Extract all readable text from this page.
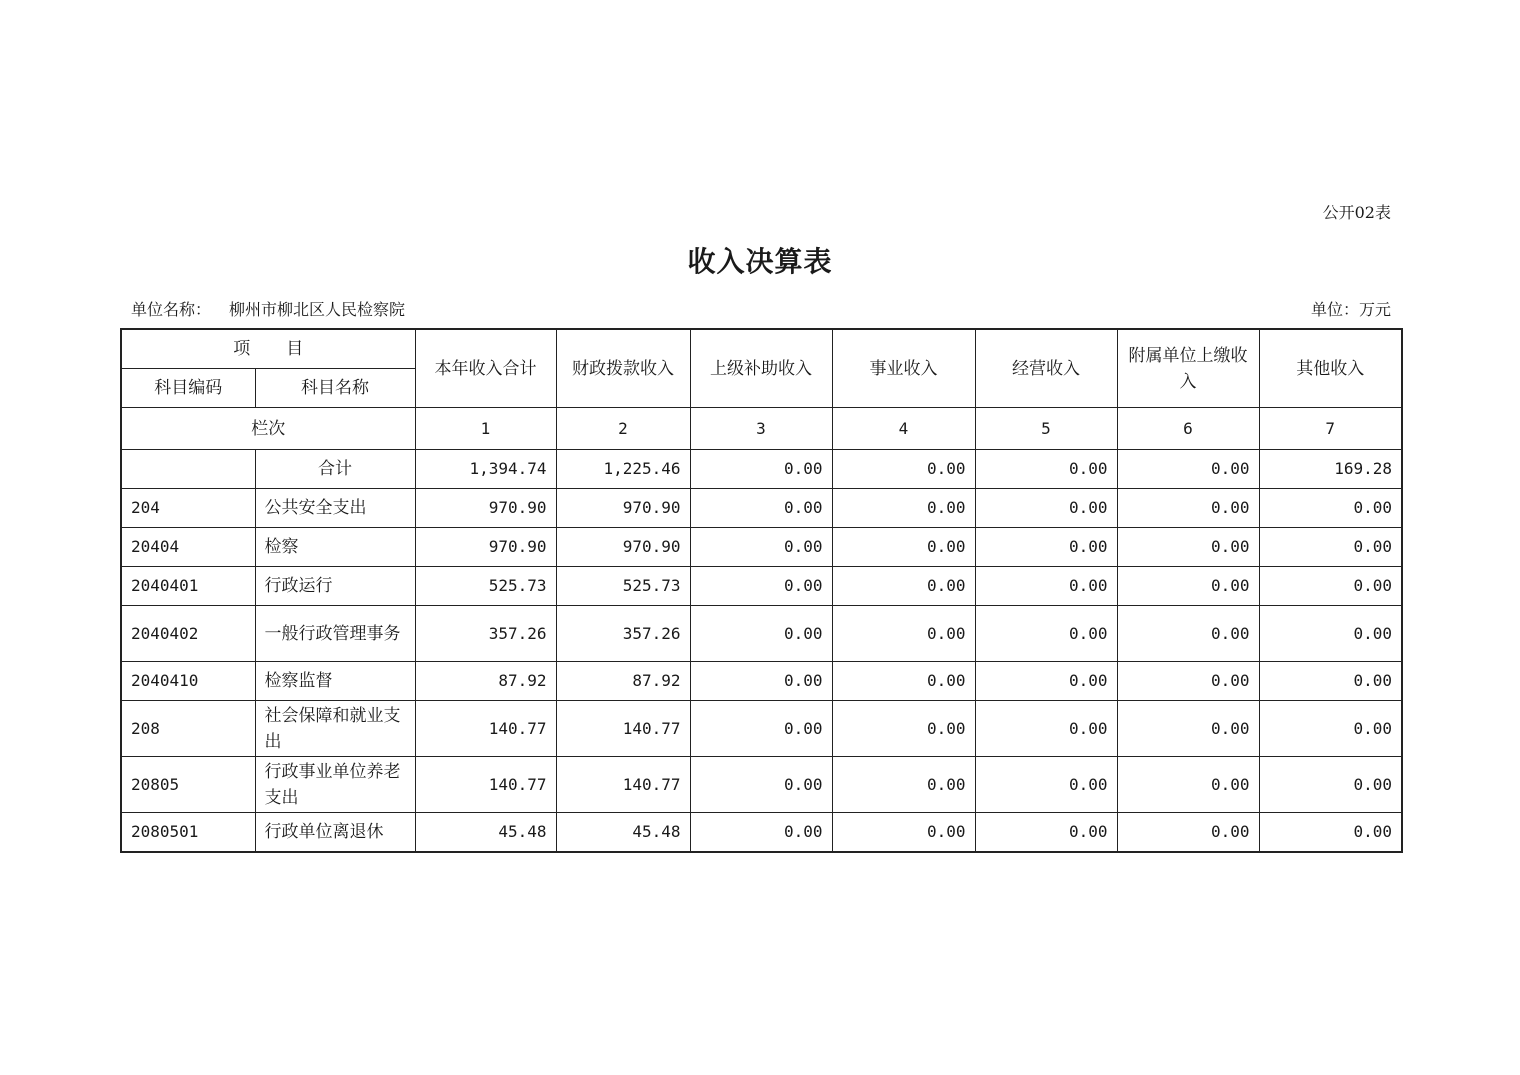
公开02表
收入决算表
单位名称： 柳州市柳北区人民检察院	单位：万元
项 目		本年收入合计	财政拨款收入	上级补助收入	事业收入	经营收入	附属单位上缴收入	其他收入
科目编码	科目名称							
栏次		1	2	3	4	5	6	7
	合计	1,394.74	1,225.46	0.00	0.00	0.00	0.00	169.28
204	公共安全支出	970.90	970.90	0.00	0.00	0.00	0.00	0.00
20404	检察	970.90	970.90	0.00	0.00	0.00	0.00	0.00
2040401	行政运行	525.73	525.73	0.00	0.00	0.00	0.00	0.00
2040402	一般行政管理事务	357.26	357.26	0.00	0.00	0.00	0.00	0.00
2040410	检察监督	87.92	87.92	0.00	0.00	0.00	0.00	0.00
208	社会保障和就业支出	140.77	140.77	0.00	0.00	0.00	0.00	0.00
20805	行政事业单位养老支出	140.77	140.77	0.00	0.00	0.00	0.00	0.00
2080501	行政单位离退休	45.48	45.48	0.00	0.00	0.00	0.00	0.00
